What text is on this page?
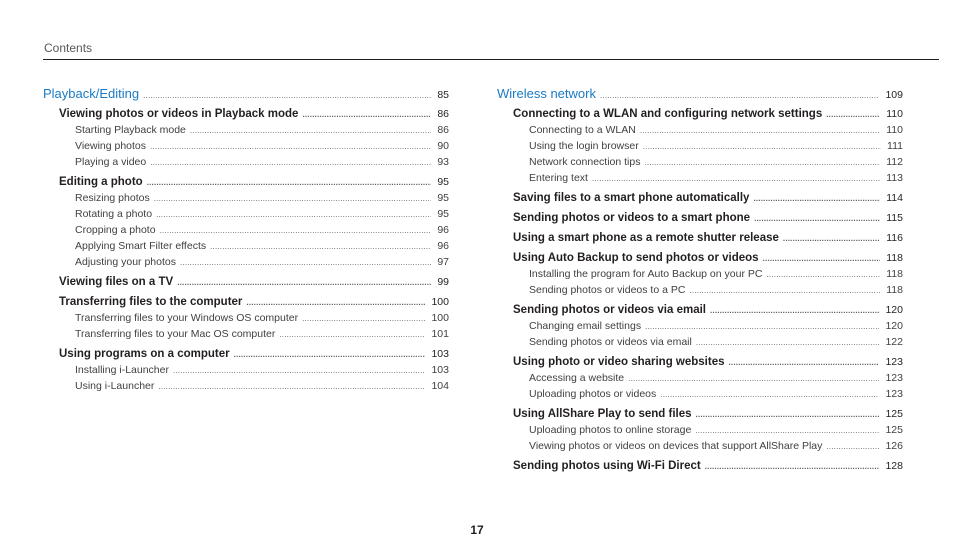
Contents
Playback/Editing .....	85
Viewing photos or videos in Playback mode .....	86
Starting Playback mode .....	86
Viewing photos .....	90
Playing a video .....	93
Editing a photo .....	95
Resizing photos .....	95
Rotating a photo .....	95
Cropping a photo .....	96
Applying Smart Filter effects .....	96
Adjusting your photos .....	97
Viewing files on a TV .....	99
Transferring files to the computer .....	100
Transferring files to your Windows OS computer .....	100
Transferring files to your Mac OS computer .....	101
Using programs on a computer .....	103
Installing i-Launcher .....	103
Using i-Launcher .....	104
Wireless network .....	109
Connecting to a WLAN and configuring network settings .....	110
Connecting to a WLAN .....	110
Using the login browser .....	111
Network connection tips .....	112
Entering text .....	113
Saving files to a smart phone automatically .....	114
Sending photos or videos to a smart phone .....	115
Using a smart phone as a remote shutter release .....	116
Using Auto Backup to send photos or videos .....	118
Installing the program for Auto Backup on your PC .....	118
Sending photos or videos to a PC .....	118
Sending photos or videos via email .....	120
Changing email settings .....	120
Sending photos or videos via email .....	122
Using photo or video sharing websites .....	123
Accessing a website .....	123
Uploading photos or videos .....	123
Using AllShare Play to send files .....	125
Uploading photos to online storage .....	125
Viewing photos or videos on devices that support AllShare Play .....	126
Sending photos using Wi-Fi Direct .....	128
17
